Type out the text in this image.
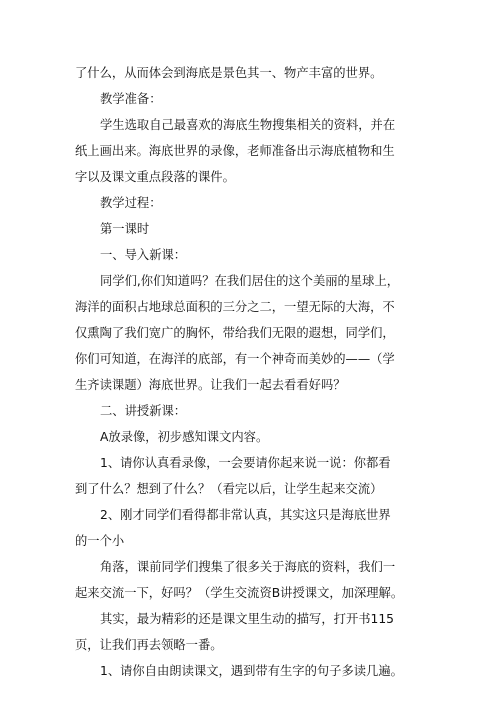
了什么，从而体会到海底是景色其一、物产丰富的世界。
教学准备：
学生选取自己最喜欢的海底生物搜集相关的资料，并在
纸上画出来。海底世界的录像，老师准备出示海底植物和生
字以及课文重点段落的课件。
教学过程：
第一课时
一、导入新课：
同学们,你们知道吗？在我们居住的这个美丽的星球上，
海洋的面积占地球总面积的三分之二，一望无际的大海，不
仅熏陶了我们宽广的胸怀，带给我们无限的遐想，同学们，
你们可知道，在海洋的底部，有一个神奇而美妙的——（学
生齐读课题）海底世界。让我们一起去看看好吗？
二、讲授新课：
A放录像，初步感知课文内容。
1、请你认真看录像，一会要请你起来说一说：你都看
到了什么？想到了什么？（看完以后，让学生起来交流）
2、刚才同学们看得都非常认真，其实这只是海底世界
的一个小
角落，课前同学们搜集了很多关于海底的资料，我们一
起来交流一下，好吗？（学生交流资B讲授课文，加深理解。
其实，最为精彩的还是课文里生动的描写，打开书115
页，让我们再去领略一番。
1、请你自由朗读课文，遇到带有生字的句子多读几遍。
